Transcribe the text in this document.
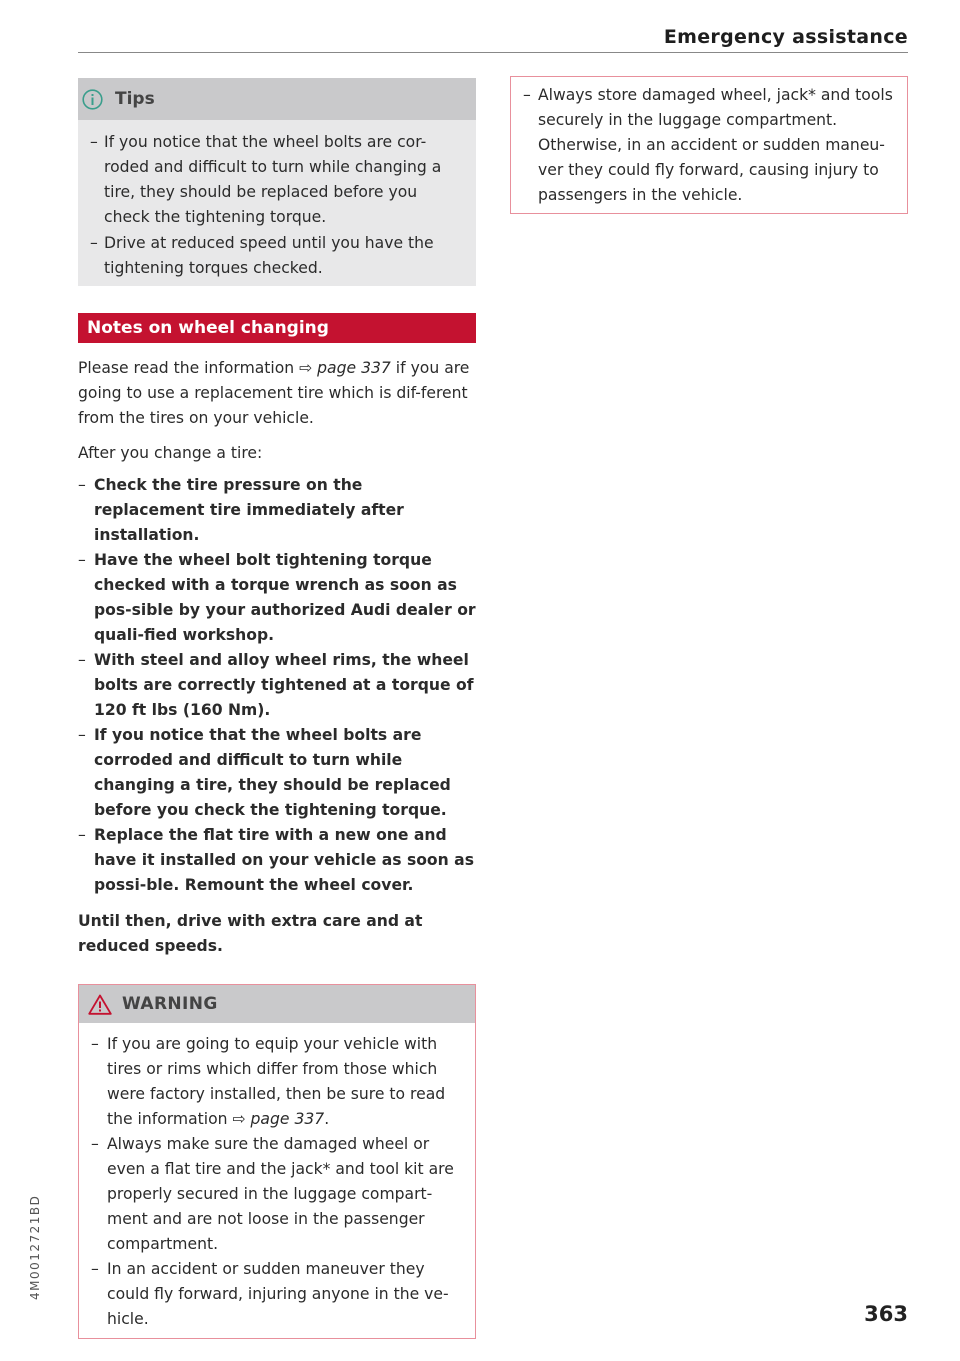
Emergency assistance
Tips
– If you notice that the wheel bolts are cor-roded and difficult to turn while changing a tire, they should be replaced before you check the tightening torque.
– Drive at reduced speed until you have the tightening torques checked.
Notes on wheel changing

Please read the information ⇨ page 337 if you are going to use a replacement tire which is dif-ferent from the tires on your vehicle.

After you change a tire:

– Check the tire pressure on the replacement tire immediately after installation.
– Have the wheel bolt tightening torque checked with a torque wrench as soon as pos-sible by your authorized Audi dealer or quali-fied workshop.
– With steel and alloy wheel rims, the wheel bolts are correctly tightened at a torque of 120 ft lbs (160 Nm).
– If you notice that the wheel bolts are corroded and difficult to turn while changing a tire, they should be replaced before you check the tightening torque.
– Replace the flat tire with a new one and have it installed on your vehicle as soon as possi-ble. Remount the wheel cover.

Until then, drive with extra care and at reduced speeds.

WARNING
– If you are going to equip your vehicle with tires or rims which differ from those which were factory installed, then be sure to read the information ⇨ page 337.
– Always make sure the damaged wheel or even a flat tire and the jack* and tool kit are properly secured in the luggage compart-ment and are not loose in the passenger compartment.
– In an accident or sudden maneuver they could fly forward, injuring anyone in the ve-hicle.
– Always store damaged wheel, jack* and tools securely in the luggage compartment. Otherwise, in an accident or sudden maneu-ver they could fly forward, causing injury to passengers in the vehicle.
4M0012721BD
363
